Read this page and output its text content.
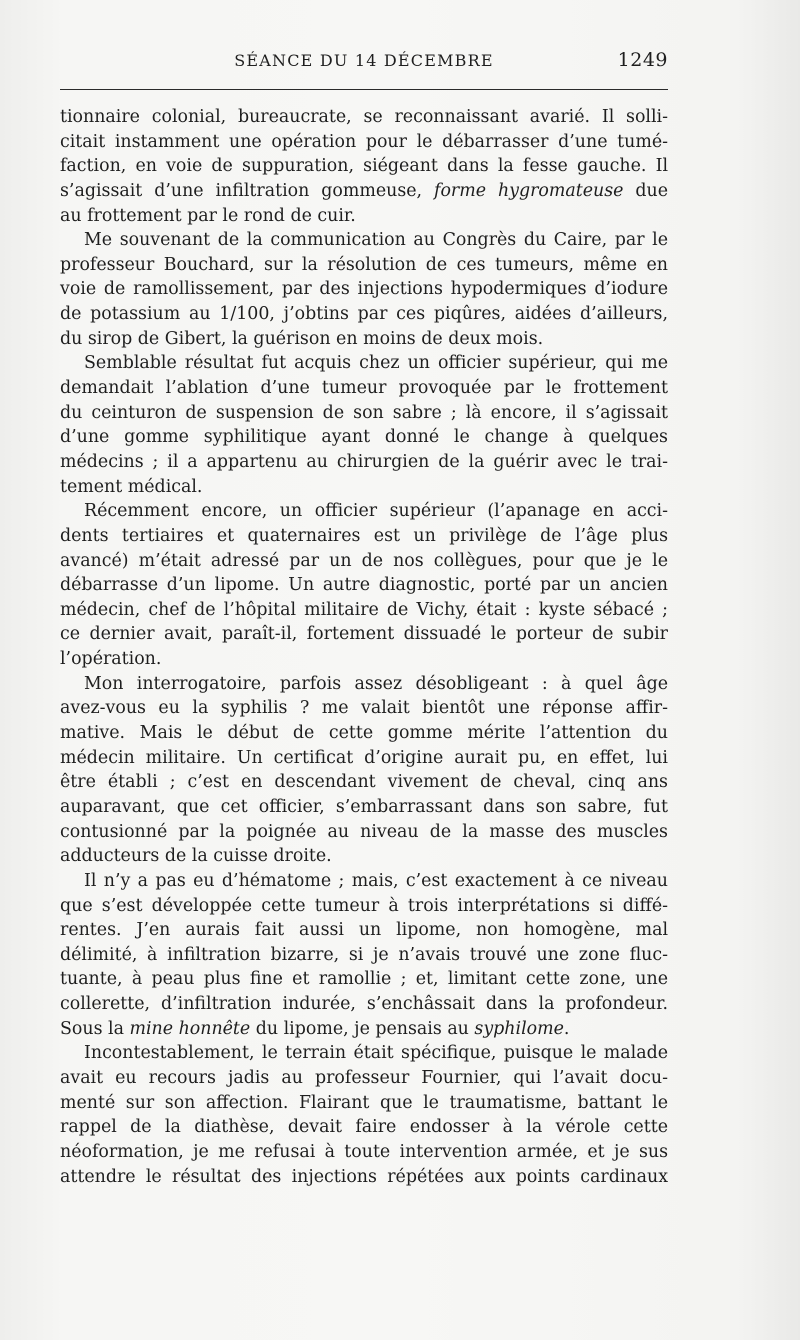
SÉANCE DU 14 DÉCEMBRE	1249
tionnaire colonial, bureaucrate, se reconnaissant avarié. Il solli-
citait instamment une opération pour le débarrasser d’une tumé-
faction, en voie de suppuration, siégeant dans la fesse gauche. Il
s’agissait d’une infiltration gommeuse, forme hygromateuse due
au frottement par le rond de cuir.
Me souvenant de la communication au Congrès du Caire, par le
professeur Bouchard, sur la résolution de ces tumeurs, même en
voie de ramollissement, par des injections hypodermiques d’iodure
de potassium au 1/100, j’obtins par ces piqûres, aidées d’ailleurs,
du sirop de Gibert, la guérison en moins de deux mois.
Semblable résultat fut acquis chez un officier supérieur, qui me
demandait l’ablation d’une tumeur provoquée par le frottement
du ceinturon de suspension de son sabre ; là encore, il s’agissait
d’une gomme syphilitique ayant donné le change à quelques
médecins ; il a appartenu au chirurgien de la guérir avec le trai-
tement médical.
Récemment encore, un officier supérieur (l’apanage en acci-
dents tertiaires et quaternaires est un privilège de l’âge plus
avancé) m’était adressé par un de nos collègues, pour que je le
débarrasse d’un lipome. Un autre diagnostic, porté par un ancien
médecin, chef de l’hôpital militaire de Vichy, était : kyste sébacé ;
ce dernier avait, paraît-il, fortement dissuadé le porteur de subir
l’opération.
Mon interrogatoire, parfois assez désobligeant : à quel âge
avez-vous eu la syphilis ? me valait bientôt une réponse affir-
mative. Mais le début de cette gomme mérite l’attention du
médecin militaire. Un certificat d’origine aurait pu, en effet, lui
être établi ; c’est en descendant vivement de cheval, cinq ans
auparavant, que cet officier, s’embarrassant dans son sabre, fut
contusionné par la poignée au niveau de la masse des muscles
adducteurs de la cuisse droite.
Il n’y a pas eu d’hématome ; mais, c’est exactement à ce niveau
que s’est développée cette tumeur à trois interprétations si diffé-
rentes. J’en aurais fait aussi un lipome, non homogène, mal
délimité, à infiltration bizarre, si je n’avais trouvé une zone fluc-
tuante, à peau plus fine et ramollie ; et, limitant cette zone, une
collerette, d’infiltration indurée, s’enchâssait dans la profondeur.
Sous la mine honnête du lipome, je pensais au syphilome.
Incontestablement, le terrain était spécifique, puisque le malade
avait eu recours jadis au professeur Fournier, qui l’avait docu-
menté sur son affection. Flairant que le traumatisme, battant le
rappel de la diathèse, devait faire endosser à la vérole cette
néoformation, je me refusai à toute intervention armée, et je sus
attendre le résultat des injections répétées aux points cardinaux
